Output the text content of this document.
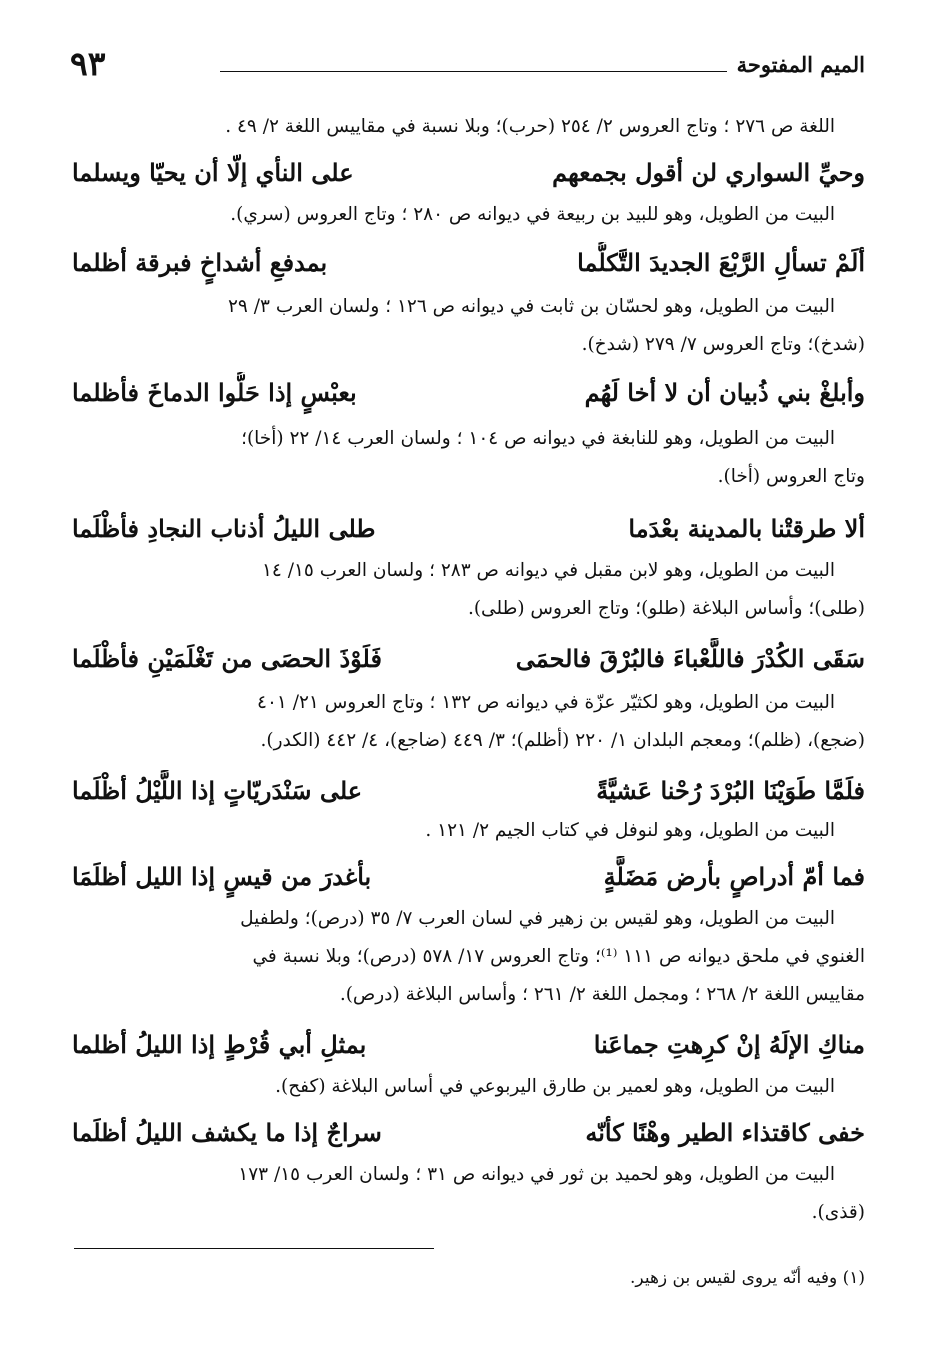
الميم المفتوحة
٩٣
اللغة ص ٢٧٦ ؛ وتاج العروس ٢/ ٢٥٤ (حرب)؛ وبلا نسبة في مقاييس اللغة ٢/ ٤٩ .
وحيِّ السواري لن أقول بجمعهم
على النأي إلّا أن يحيّا ويسلما
البيت من الطويل، وهو للبيد بن ربيعة في ديوانه ص ٢٨٠ ؛ وتاج العروس (سري).
ألَمْ تسألِ الرَّبْعَ الجديدَ التَّكلُّما
بمدفعِ أشداخٍ فبرقة أظلما
البيت من الطويل، وهو لحسّان بن ثابت في ديوانه ص ١٢٦ ؛ ولسان العرب ٣/ ٢٩
(شدخ)؛ وتاج العروس ٧/ ٢٧٩ (شدخ).
وأبلغْ بني ذُبيان أن لا أخا لَهُم
بعبْسٍ إذا حَلُّوا الدماخَ فأظلما
البيت من الطويل، وهو للنابغة في ديوانه ص ١٠٤ ؛ ولسان العرب ١٤/ ٢٢ (أخا)؛
وتاج العروس (أخا).
ألا طرقتْنا بالمدينة بعْدَما
طلى الليلُ أذناب النجادِ فأظْلَما
البيت من الطويل، وهو لابن مقبل في ديوانه ص ٢٨٣ ؛ ولسان العرب ١٥/ ١٤
(طلى)؛ وأساس البلاغة (طلو)؛ وتاج العروس (طلى).
سَقَى الكُدْرَ فاللَّعْباءَ فالبُرْقَ فالحمَى
فَلَوْذَ الحصَى من تَغْلَمَيْنِ فأظْلَما
البيت من الطويل، وهو لكثيّر عزّة في ديوانه ص ١٣٢ ؛ وتاج العروس ٢١/ ٤٠١
(ضجع)، (ظلم)؛ ومعجم البلدان ١/ ٢٢٠ (أظلم)؛ ٣/ ٤٤٩ (ضاجع)، ٤/ ٤٤٢ (الكدر).
فلَمَّا طَوَيْنَا البُرْدَ رُحْنا عَشيَّةً
على سَنْدَريّاتٍ إذا اللَّيْلُ أظْلَما
البيت من الطويل، وهو لنوفل في كتاب الجيم ٢/ ١٢١ .
فما أمّ أدراصٍ بأرض مَضَلَّةٍ
بأغدرَ من قيسٍ إذا الليل أظلَمَا
البيت من الطويل، وهو لقيس بن زهير في لسان العرب ٧/ ٣٥ (درص)؛ ولطفيل
الغنوي في ملحق ديوانه ص ١١١ ⁽¹⁾؛ وتاج العروس ١٧/ ٥٧٨ (درص)؛ وبلا نسبة في
مقاييس اللغة ٢/ ٢٦٨ ؛ ومجمل اللغة ٢/ ٢٦١ ؛ وأساس البلاغة (درص).
مناكِ الإلَهُ إنْ كرِهتِ جماعَنا
بمثلِ أبي قُرْطٍ إذا الليلُ أظلما
البيت من الطويل، وهو لعمير بن طارق اليربوعي في أساس البلاغة (كفح).
خفى كاقتذاء الطير وهْنًا كأنّه
سراجٌ إذا ما يكشف الليلُ أظلَما
البيت من الطويل، وهو لحميد بن ثور في ديوانه ص ٣١ ؛ ولسان العرب ١٥/ ١٧٣
(قذى).
(١) وفيه أنّه يروى لقيس بن زهير.
